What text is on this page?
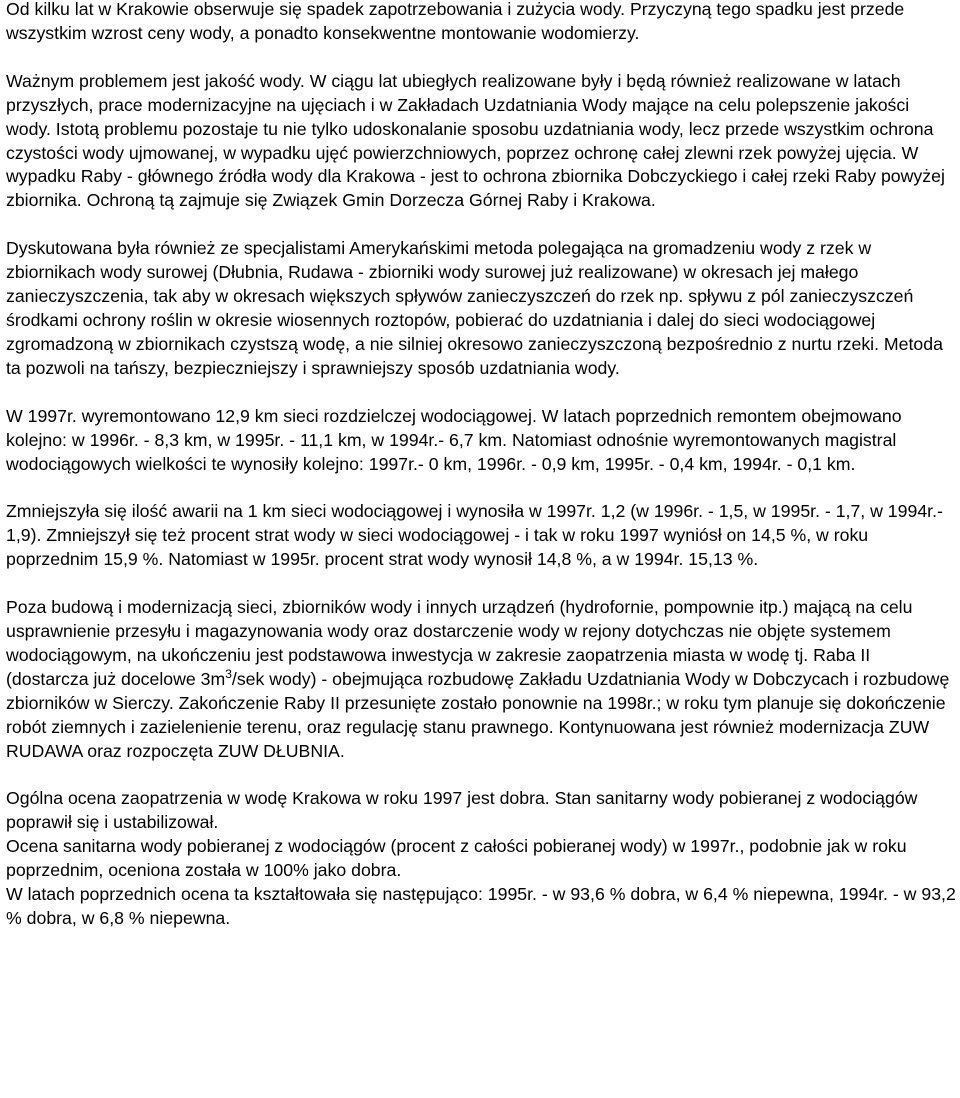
Od kilku lat w Krakowie obserwuje się spadek zapotrzebowania i zużycia wody. Przyczyną tego spadku jest przede wszystkim wzrost ceny wody, a ponadto konsekwentne montowanie wodomierzy.

Ważnym problemem jest jakość wody. W ciągu lat ubiegłych realizowane były i będą również realizowane w latach przyszłych, prace modernizacyjne na ujęciach i w Zakładach Uzdatniania Wody mające na celu polepszenie jakości wody. Istotą problemu pozostaje tu nie tylko udoskonalanie sposobu uzdatniania wody, lecz przede wszystkim ochrona czystości wody ujmowanej, w wypadku ujęć powierzchniowych, poprzez ochronę całej zlewni rzek powyżej ujęcia. W wypadku Raby - głównego źródła wody dla Krakowa - jest to ochrona zbiornika Dobczyckiego i całej rzeki Raby powyżej zbiornika. Ochroną tą zajmuje się Związek Gmin Dorzecza Górnej Raby i Krakowa.

Dyskutowana była również ze specjalistami Amerykańskimi metoda polegająca na gromadzeniu wody z rzek w zbiornikach wody surowej (Dłubnia, Rudawa - zbiorniki wody surowej już realizowane) w okresach jej małego zanieczyszczenia, tak aby w okresach większych spływów zanieczyszczeń do rzek np. spływu z pól zanieczyszczeń środkami ochrony roślin w okresie wiosennych roztopów, pobierać do uzdatniania i dalej do sieci wodociągowej zgromadzoną w zbiornikach czystszą wodę, a nie silniej okresowo zanieczyszczoną bezpośrednio z nurtu rzeki. Metoda ta pozwoli na tańszy, bezpieczniejszy i sprawniejszy sposób uzdatniania wody.

W 1997r. wyremontowano 12,9 km sieci rozdzielczej wodociągowej. W latach poprzednich remontem obejmowano kolejno: w 1996r. - 8,3 km, w 1995r. - 11,1 km, w 1994r.- 6,7 km. Natomiast odnośnie wyremontowanych magistral wodociągowych wielkości te wynosiły kolejno: 1997r.- 0 km, 1996r. - 0,9 km, 1995r. - 0,4 km, 1994r. - 0,1 km.

Zmniejszyła się ilość awarii na 1 km sieci wodociągowej i wynosiła w 1997r. 1,2 (w 1996r. - 1,5, w 1995r. - 1,7, w 1994r.- 1,9). Zmniejszył się też procent strat wody w sieci wodociągowej - i tak w roku 1997 wyniósł on 14,5 %, w roku poprzednim 15,9 %. Natomiast w 1995r. procent strat wody wynosił 14,8 %, a w 1994r. 15,13 %.

Poza budową i modernizacją sieci, zbiorników wody i innych urządzeń (hydrofornie, pompownie itp.) mającą na celu usprawnienie przesyłu i magazynowania wody oraz dostarczenie wody w rejony dotychczas nie objęte systemem wodociągowym, na ukończeniu jest podstawowa inwestycja w zakresie zaopatrzenia miasta w wodę tj. Raba II (dostarcza już docelowe $3m^3$/sek wody) - obejmująca rozbudowę Zakładu Uzdatniania Wody w Dobczycach i rozbudowę zbiorników w Sierczy. Zakończenie Raby II przesunięte zostało ponownie na 1998r.; w roku tym planuje się dokończenie robót ziemnych i zazielenienie terenu, oraz regulację stanu prawnego. Kontynuowana jest również modernizacja ZUW RUDAWA oraz rozpoczęta ZUW DŁUBNIA.

Ogólna ocena zaopatrzenia w wodę Krakowa w roku 1997 jest dobra. Stan sanitarny wody pobieranej z wodociągów poprawił się i ustabilizował.

Ocena sanitarna wody pobieranej z wodociągów (procent z całości pobieranej wody) w 1997r., podobnie jak w roku poprzednim, oceniona została w 100% jako dobra.

W latach poprzednich ocena ta kształtowała się następująco: 1995r. - w 93,6 % dobra, w 6,4 % niepewna, 1994r. - w 93,2 % dobra, w 6,8 % niepewna.
